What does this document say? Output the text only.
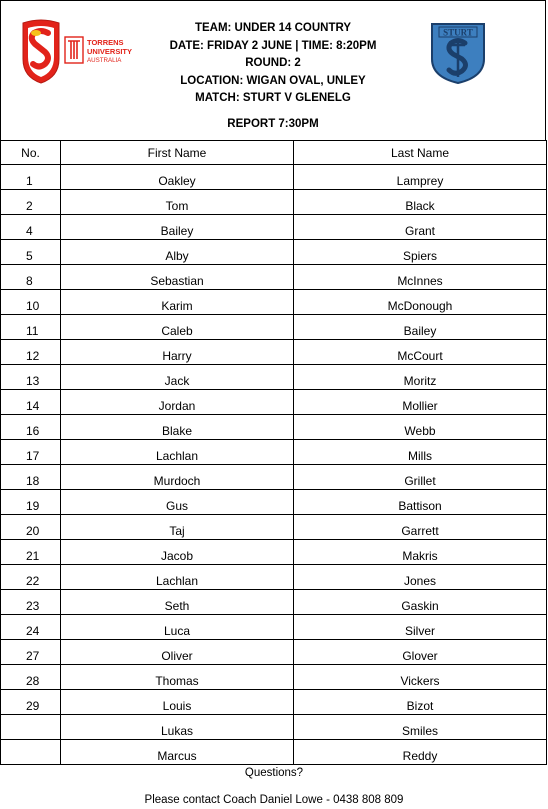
TORRENS
UNIVERSITY
AUSTRALIA
TEAM: UNDER 14 COUNTRY
DATE: FRIDAY 2 JUNE | TIME: 8:20PM
ROUND: 2
LOCATION: WIGAN OVAL, UNLEY
MATCH: STURT V GLENELG
REPORT 7:30PM
STURT
No.	First Name	Last Name
1	Oakley	Lamprey
2	Tom	Black
4	Bailey	Grant
5	Alby	Spiers
8	Sebastian	McInnes
10	Karim	McDonough
11	Caleb	Bailey
12	Harry	McCourt
13	Jack	Moritz
14	Jordan	Mollier
16	Blake	Webb
17	Lachlan	Mills
18	Murdoch	Grillet
19	Gus	Battison
20	Taj	Garrett
21	Jacob	Makris
22	Lachlan	Jones
23	Seth	Gaskin
24	Luca	Silver
27	Oliver	Glover
28	Thomas	Vickers
29	Louis	Bizot
	Lukas	Smiles
	Marcus	Reddy
Questions?
Please contact Coach Daniel Lowe - 0438 808 809
